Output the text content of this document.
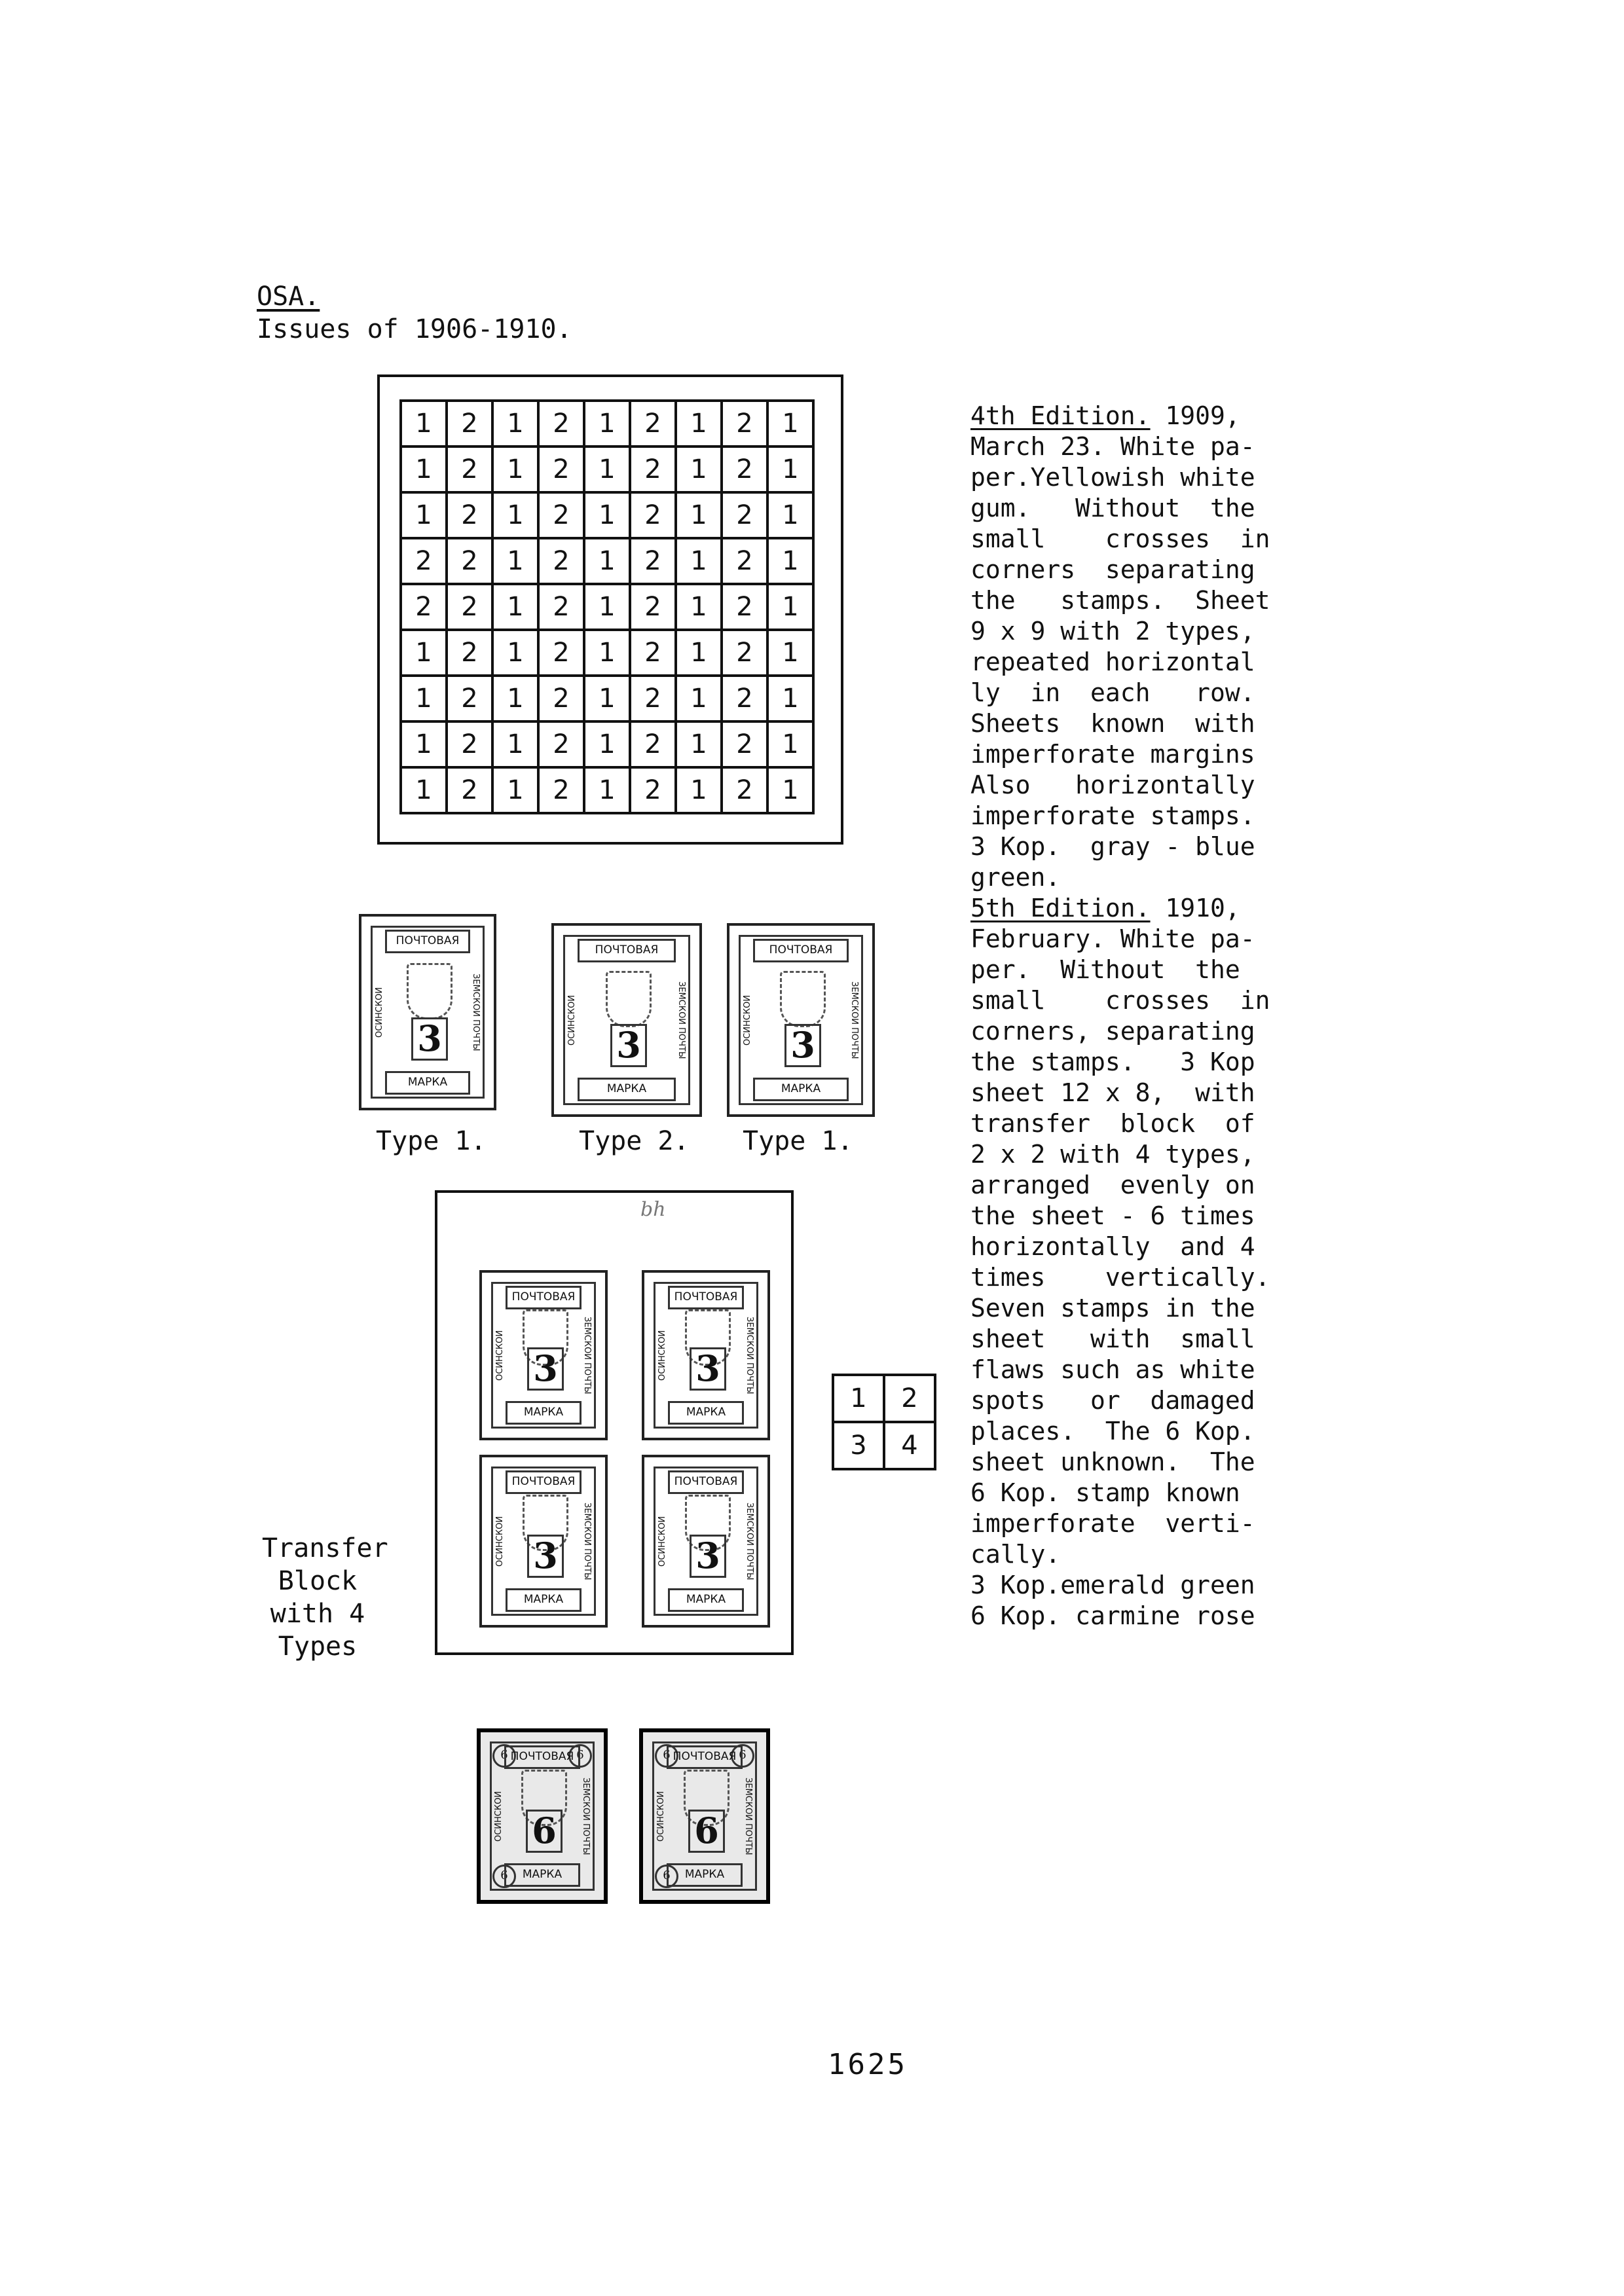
OSA.
Issues of 1906-1910.
1	2	1	2	1	2	1	2	1
1	2	1	2	1	2	1	2	1
1	2	1	2	1	2	1	2	1
2	2	1	2	1	2	1	2	1
2	2	1	2	1	2	1	2	1
1	2	1	2	1	2	1	2	1
1	2	1	2	1	2	1	2	1
1	2	1	2	1	2	1	2	1
1	2	1	2	1	2	1	2	1
ПОЧТОВАЯ
ОСИНСКОЙ	ЗЕМСКОЙ ПОЧТЫ
3
МАРКА
ПОЧТОВАЯ
ОСИНСКОЙ	ЗЕМСКОЙ ПОЧТЫ
3
МАРКА
ПОЧТОВАЯ
ОСИНСКОЙ	ЗЕМСКОЙ ПОЧТЫ
3
МАРКА
Type 1.	Type 2. Type 1.
bh
ПОЧТОВАЯ
ОСИНСКОЙ	ЗЕМСКОЙ ПОЧТЫ
3
МАРКА
ПОЧТОВАЯ
ОСИНСКОЙ	ЗЕМСКОЙ ПОЧТЫ
3
МАРКА
ПОЧТОВАЯ
ОСИНСКОЙ	ЗЕМСКОЙ ПОЧТЫ
3
МАРКА
ПОЧТОВАЯ
ОСИНСКОЙ	ЗЕМСКОЙ ПОЧТЫ
3
МАРКА
1	2
3	4
Transfer
Block
with 4
Types
6	6
6
ПОЧТОВАЯ
ОСИНСКОЙ	ЗЕМСКОЙ ПОЧТЫ
6
МАРКА
6	6
6
ПОЧТОВАЯ
ОСИНСКОЙ	ЗЕМСКОЙ ПОЧТЫ
6
МАРКА

4th Edition. 1909,

March 23. White pa-

per.Yellowish white

gum.   Without  the

small    crosses  in

corners  separating

the   stamps.  Sheet

9 x 9 with 2 types,

repeated horizontal

ly  in  each   row.

Sheets  known  with

imperforate margins

Also   horizontally

imperforate stamps.

3 Kop.  gray - blue

green.

5th Edition. 1910,

February. White pa-

per.  Without  the

small    crosses  in

corners, separating

the stamps.   3 Kop

sheet 12 x 8,  with

transfer  block  of

2 x 2 with 4 types,

arranged  evenly on

the sheet - 6 times

horizontally  and 4

times    vertically.

Seven stamps in the

sheet   with  small

flaws such as white

spots   or  damaged

places.  The 6 Kop.

sheet unknown.  The

6 Kop. stamp known

imperforate  verti-

cally.

3 Kop.emerald green

6 Kop. carmine rose

1625
